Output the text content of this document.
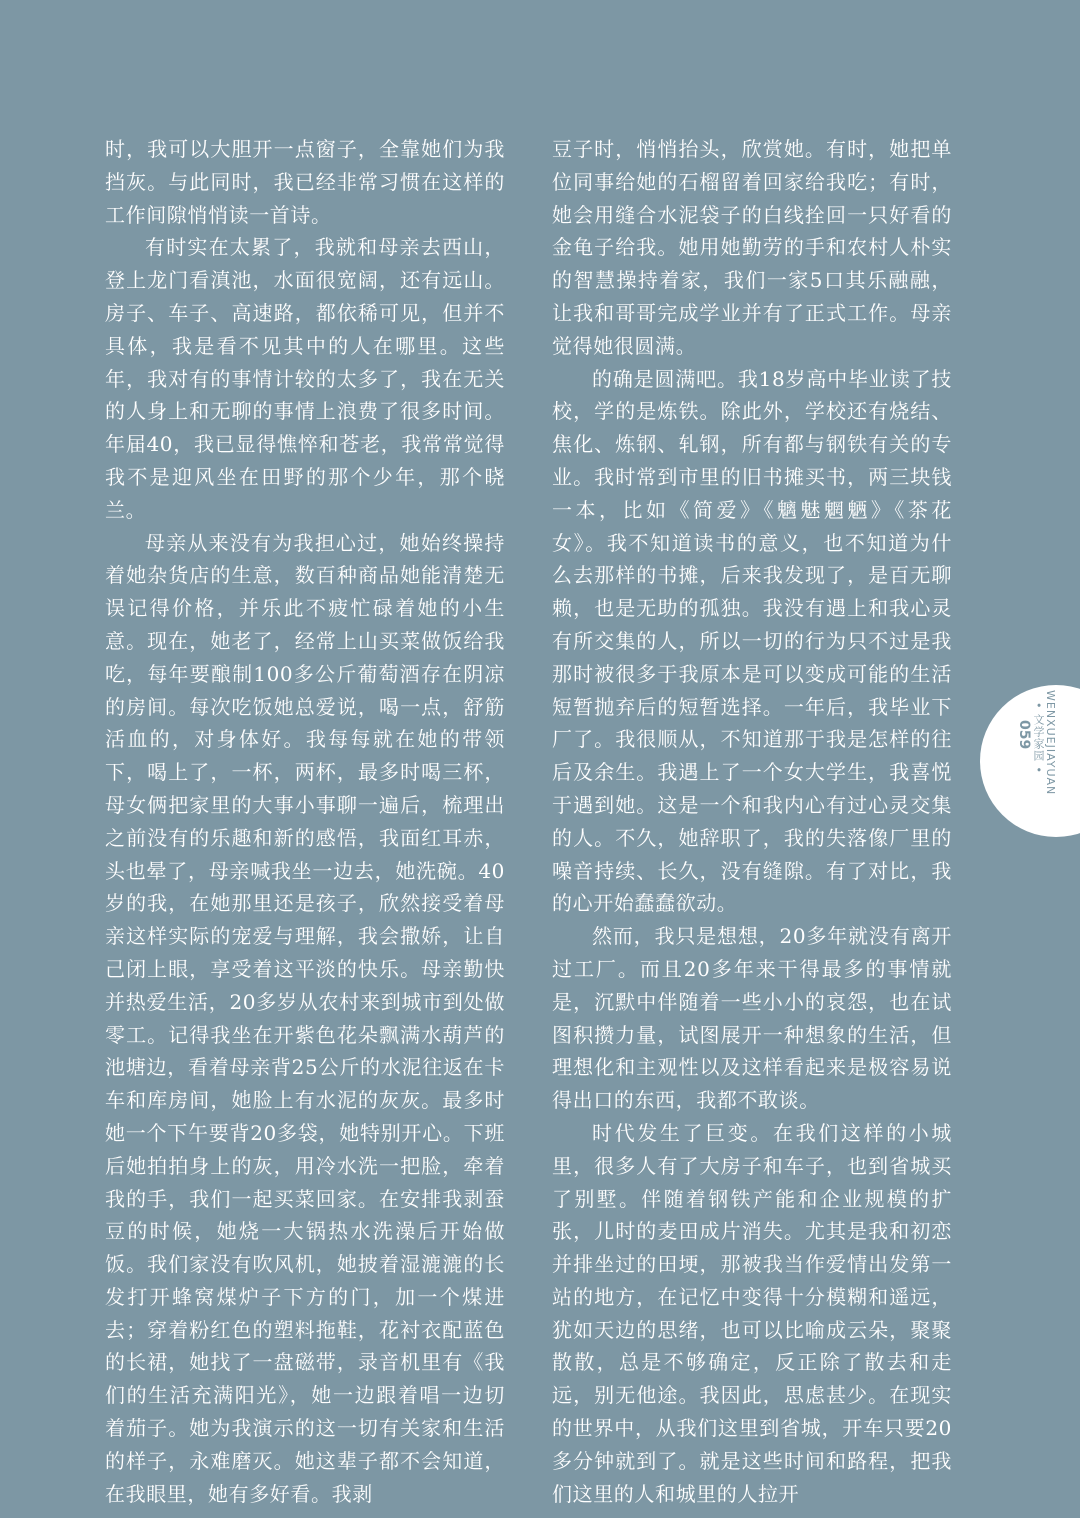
时，我可以大胆开一点窗子，全靠她们为我挡灰。与此同时，我已经非常习惯在这样的工作间隙悄悄读一首诗。

有时实在太累了，我就和母亲去西山，登上龙门看滇池，水面很宽阔，还有远山。房子、车子、高速路，都依稀可见，但并不具体，我是看不见其中的人在哪里。这些年，我对有的事情计较的太多了，我在无关的人身上和无聊的事情上浪费了很多时间。年届40，我已显得憔悴和苍老，我常常觉得我不是迎风坐在田野的那个少年，那个晓兰。

母亲从来没有为我担心过，她始终操持着她杂货店的生意，数百种商品她能清楚无误记得价格，并乐此不疲忙碌着她的小生意。现在，她老了，经常上山买菜做饭给我吃，每年要酿制100多公斤葡萄酒存在阴凉的房间。每次吃饭她总爱说，喝一点，舒筋活血的，对身体好。我每每就在她的带领下，喝上了，一杯，两杯，最多时喝三杯，母女俩把家里的大事小事聊一遍后，梳理出之前没有的乐趣和新的感悟，我面红耳赤，头也晕了，母亲喊我坐一边去，她洗碗。40岁的我，在她那里还是孩子，欣然接受着母亲这样实际的宠爱与理解，我会撒娇，让自己闭上眼，享受着这平淡的快乐。母亲勤快并热爱生活，20多岁从农村来到城市到处做零工。记得我坐在开紫色花朵飘满水葫芦的池塘边，看着母亲背25公斤的水泥往返在卡车和库房间，她脸上有水泥的灰灰。最多时她一个下午要背20多袋，她特别开心。下班后她拍拍身上的灰，用冷水洗一把脸，牵着我的手，我们一起买菜回家。在安排我剥蚕豆的时候，她烧一大锅热水洗澡后开始做饭。我们家没有吹风机，她披着湿漉漉的长发打开蜂窝煤炉子下方的门，加一个煤进去；穿着粉红色的塑料拖鞋，花衬衣配蓝色的长裙，她找了一盘磁带，录音机里有《我们的生活充满阳光》，她一边跟着唱一边切着茄子。她为我演示的这一切有关家和生活的样子，永难磨灭。她这辈子都不会知道，在我眼里，她有多好看。我剥

豆子时，悄悄抬头，欣赏她。有时，她把单位同事给她的石榴留着回家给我吃；有时，她会用缝合水泥袋子的白线拴回一只好看的金龟子给我。她用她勤劳的手和农村人朴实的智慧操持着家，我们一家5口其乐融融，让我和哥哥完成学业并有了正式工作。母亲觉得她很圆满。

的确是圆满吧。我18岁高中毕业读了技校，学的是炼铁。除此外，学校还有烧结、焦化、炼钢、轧钢，所有都与钢铁有关的专业。我时常到市里的旧书摊买书，两三块钱一本，比如《简爱》《魑魅魍魉》《茶花女》。我不知道读书的意义，也不知道为什么去那样的书摊，后来我发现了，是百无聊赖，也是无助的孤独。我没有遇上和我心灵有所交集的人，所以一切的行为只不过是我那时被很多于我原本是可以变成可能的生活短暂抛弃后的短暂选择。一年后，我毕业下厂了。我很顺从，不知道那于我是怎样的往后及余生。我遇上了一个女大学生，我喜悦于遇到她。这是一个和我内心有过心灵交集的人。不久，她辞职了，我的失落像厂里的噪音持续、长久，没有缝隙。有了对比，我的心开始蠢蠢欲动。

然而，我只是想想，20多年就没有离开过工厂。而且20多年来干得最多的事情就是，沉默中伴随着一些小小的哀怨，也在试图积攒力量，试图展开一种想象的生活，但理想化和主观性以及这样看起来是极容易说得出口的东西，我都不敢谈。

时代发生了巨变。在我们这样的小城里，很多人有了大房子和车子，也到省城买了别墅。伴随着钢铁产能和企业规模的扩张，儿时的麦田成片消失。尤其是我和初恋并排坐过的田埂，那被我当作爱情出发第一站的地方，在记忆中变得十分模糊和遥远，犹如天边的思绪，也可以比喻成云朵，聚聚散散，总是不够确定，反正除了散去和走远，别无他途。我因此，思虑甚少。在现实的世界中，从我们这里到省城，开车只要20多分钟就到了。就是这些时间和路程，把我们这里的人和城里的人拉开

WENXUEJIAYUAN
• 文学家园 •
059
